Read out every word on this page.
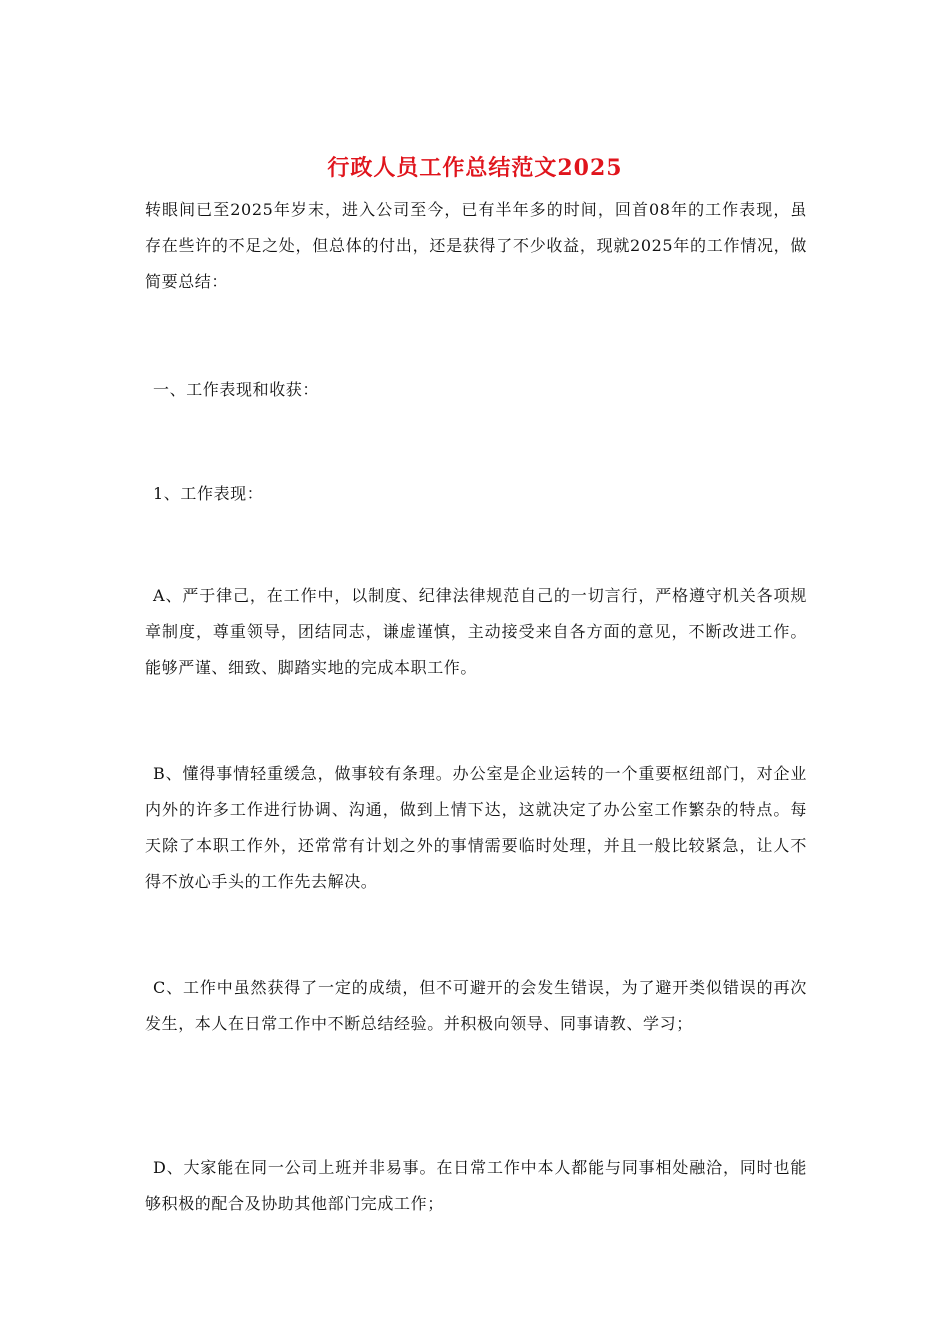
行政人员工作总结范文2025

转眼间已至2025年岁末，进入公司至今，已有半年多的时间，回首08年的工作表现，虽存在些许的不足之处，但总体的付出，还是获得了不少收益，现就2025年的工作情况，做简要总结：

一、工作表现和收获：

1、工作表现：

A、严于律己，在工作中，以制度、纪律法律规范自己的一切言行，严格遵守机关各项规章制度，尊重领导，团结同志，谦虚谨慎，主动接受来自各方面的意见，不断改进工作。能够严谨、细致、脚踏实地的完成本职工作。

B、懂得事情轻重缓急，做事较有条理。办公室是企业运转的一个重要枢纽部门，对企业内外的许多工作进行协调、沟通，做到上情下达，这就决定了办公室工作繁杂的特点。每天除了本职工作外，还常常有计划之外的事情需要临时处理，并且一般比较紧急，让人不得不放心手头的工作先去解决。

C、工作中虽然获得了一定的成绩，但不可避开的会发生错误，为了避开类似错误的再次发生，本人在日常工作中不断总结经验。并积极向领导、同事请教、学习；

D、大家能在同一公司上班并非易事。在日常工作中本人都能与同事相处融洽，同时也能够积极的配合及协助其他部门完成工作；
